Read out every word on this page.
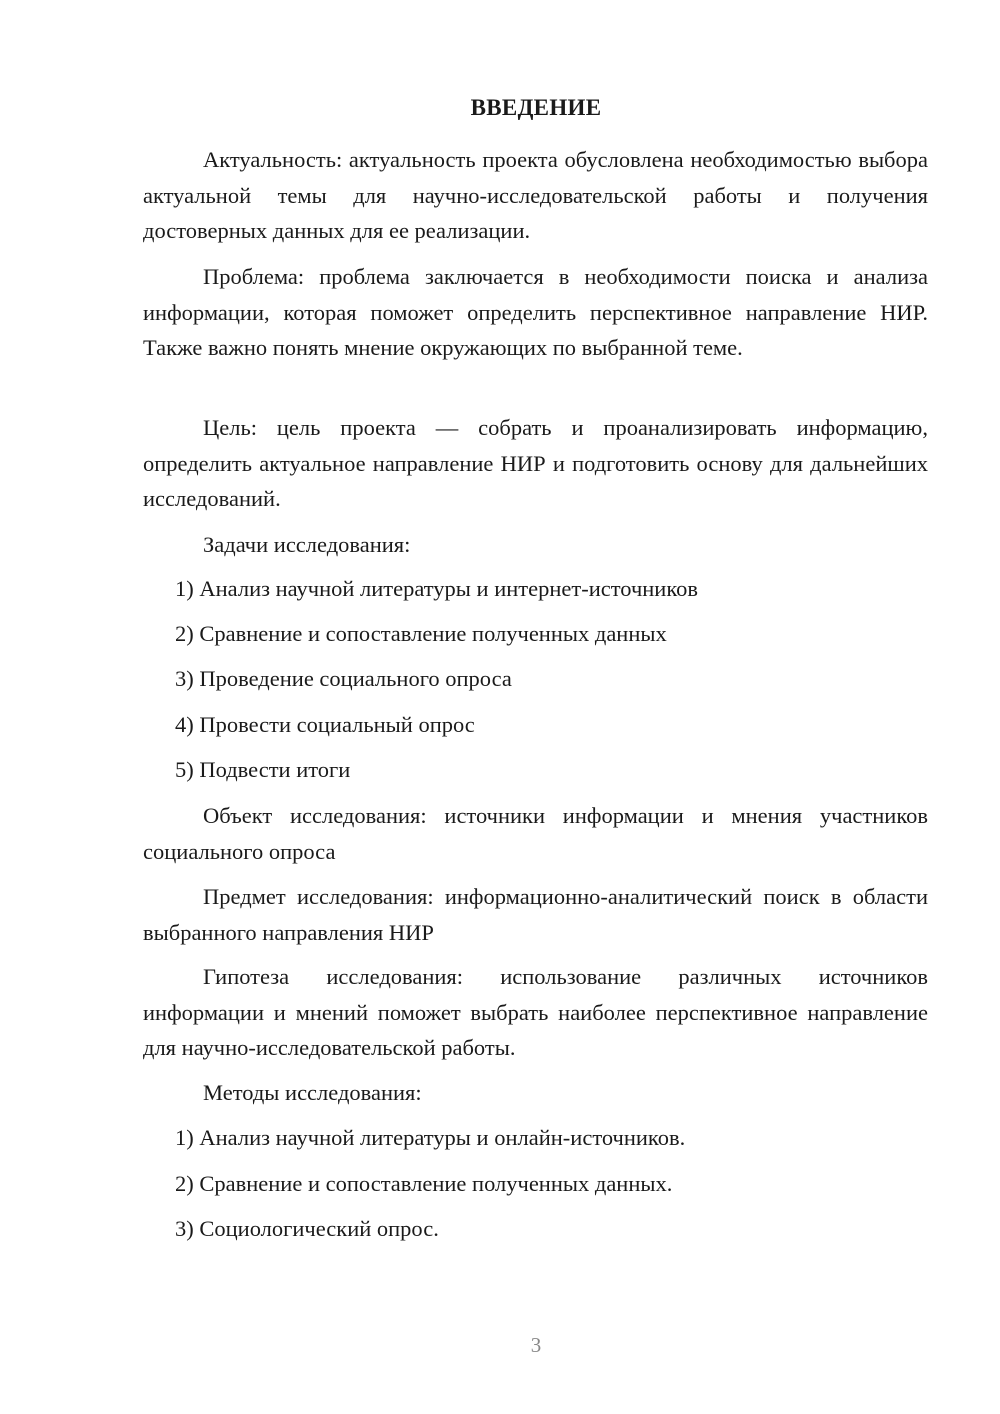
ВВЕДЕНИЕ

Актуальность: актуальность проекта обусловлена необходимостью выбора актуальной темы для научно-исследовательской работы и получения достоверных данных для ее реализации.

Проблема: проблема заключается в необходимости поиска и анализа информации, которая поможет определить перспективное направление НИР. Также важно понять мнение окружающих по выбранной теме.

Цель: цель проекта — собрать и проанализировать информацию, определить актуальное направление НИР и подготовить основу для дальнейших исследований.

Задачи исследования:

1) Анализ научной литературы и интернет-источников

2) Сравнение и сопоставление полученных данных

3) Проведение социального опроса

4) Провести социальный опрос

5) Подвести итоги

Объект исследования: источники информации и мнения участников социального опроса

Предмет исследования: информационно-аналитический поиск в области выбранного направления НИР

Гипотеза исследования: использование различных источников информации и мнений поможет выбрать наиболее перспективное направление для научно-исследовательской работы.

Методы исследования:

1) Анализ научной литературы и онлайн-источников.

2) Сравнение и сопоставление полученных данных.

3) Социологический опрос.

3
